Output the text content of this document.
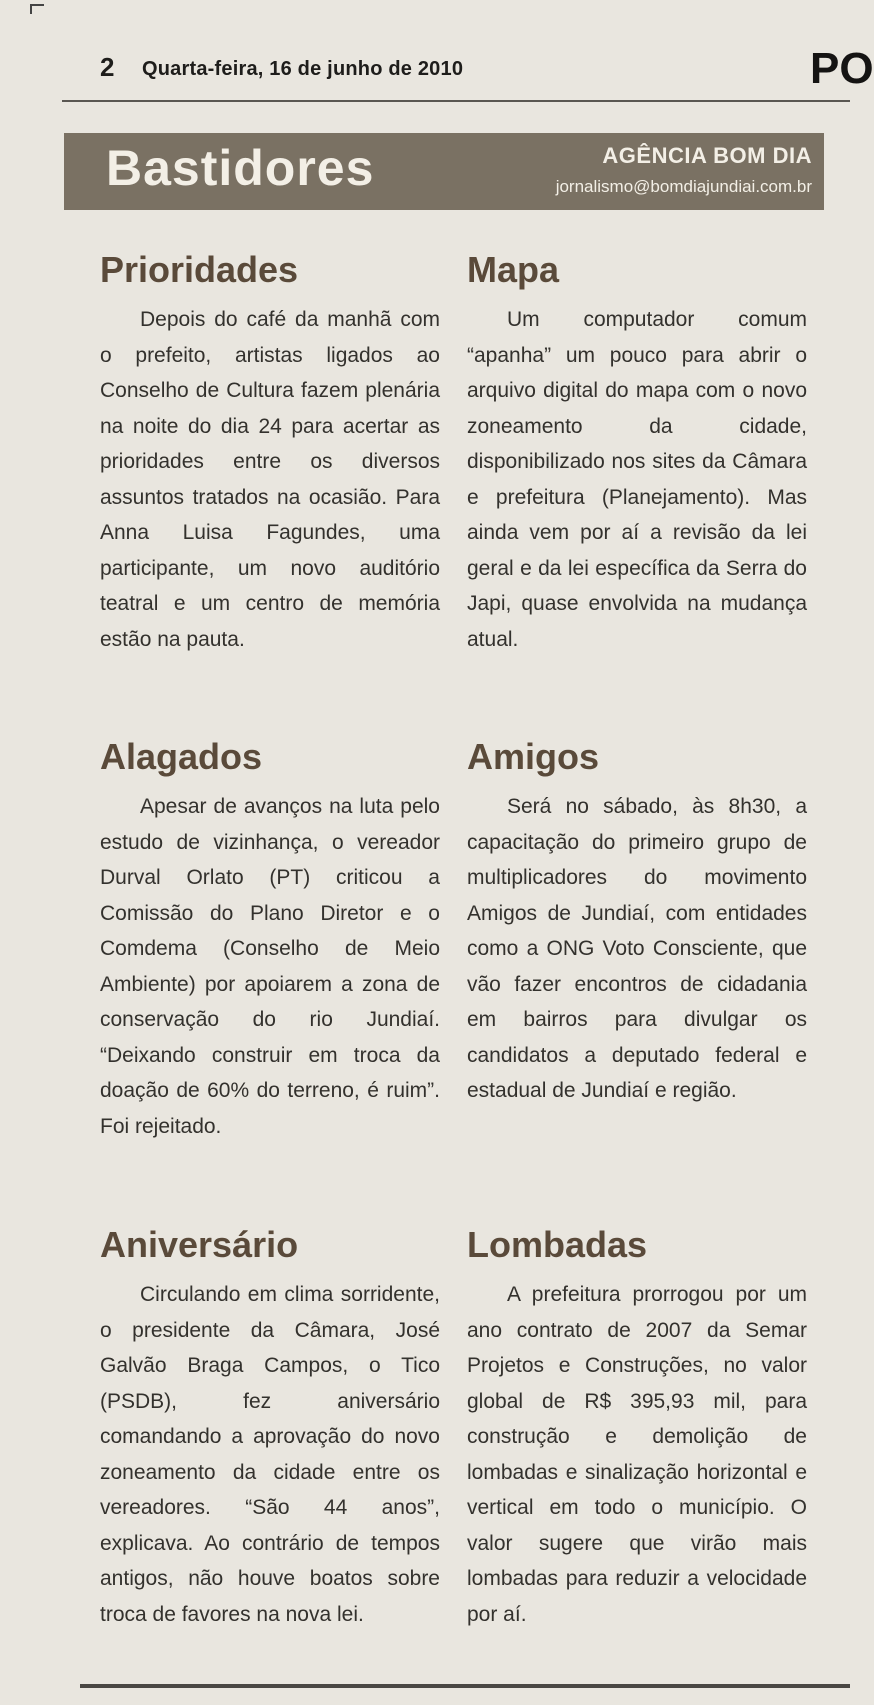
2 Quarta-feira, 16 de junho de 2010	PO
Bastidores	AGÊNCIA BOM DIA
jornalismo@bomdiajundiai.com.br
Prioridades

Depois do café da manhã com o prefeito, artistas ligados ao Conselho de Cultura fazem plenária na noite do dia 24 para acertar as prioridades entre os diversos assuntos tratados na ocasião. Para Anna Luisa Fagundes, uma participante, um novo auditório teatral e um centro de memória estão na pauta.

Mapa

Um computador comum “apanha” um pouco para abrir o arquivo digital do mapa com o novo zoneamento da cidade, disponibilizado nos sites da Câmara e prefeitura (Planejamento). Mas ainda vem por aí a revisão da lei geral e da lei específica da Serra do Japi, quase envolvida na mudança atual.

Alagados

Apesar de avanços na luta pelo estudo de vizinhança, o vereador Durval Orlato (PT) criticou a Comissão do Plano Diretor e o Comdema (Conselho de Meio Ambiente) por apoiarem a zona de conservação do rio Jundiaí. “Deixando construir em troca da doação de 60% do terreno, é ruim”. Foi rejeitado.

Amigos

Será no sábado, às 8h30, a capacitação do primeiro grupo de multiplicadores do movimento Amigos de Jundiaí, com entidades como a ONG Voto Consciente, que vão fazer encontros de cidadania em bairros para divulgar os candidatos a deputado federal e estadual de Jundiaí e região.

Aniversário

Circulando em clima sorridente, o presidente da Câmara, José Galvão Braga Campos, o Tico (PSDB), fez aniversário comandando a aprovação do novo zoneamento da cidade entre os vereadores. “São 44 anos”, explicava. Ao contrário de tempos antigos, não houve boatos sobre troca de favores na nova lei.

Lombadas

A prefeitura prorrogou por um ano contrato de 2007 da Semar Projetos e Construções, no valor global de R$ 395,93 mil, para construção e demolição de lombadas e sinalização horizontal e vertical em todo o município. O valor sugere que virão mais lombadas para reduzir a velocidade por aí.
